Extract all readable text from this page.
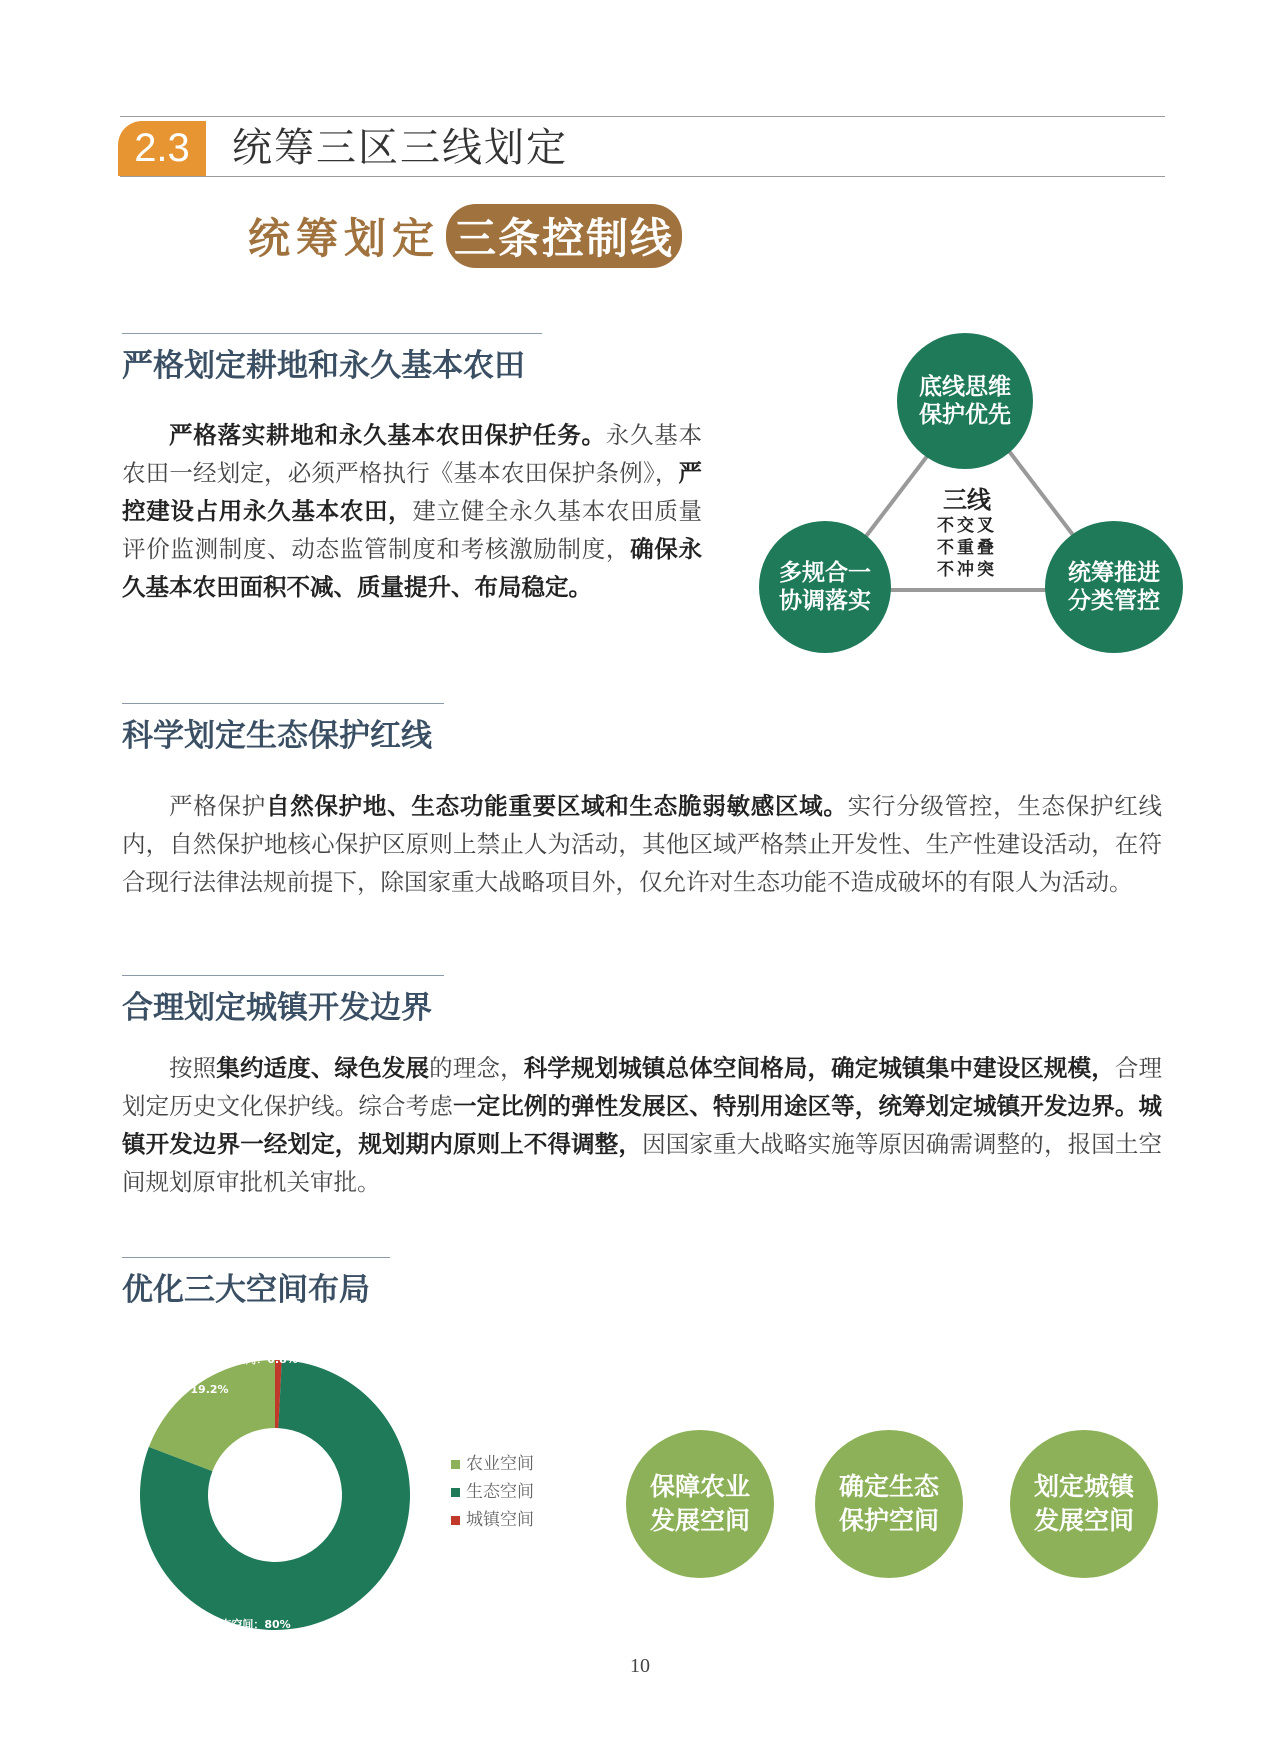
2.3	统筹三区三线划定
统筹划定 三条控制线
严格划定耕地和永久基本农田
严格落实耕地和永久基本农田保护任务。永久基本农田一经划定，必须严格执行《基本农田保护条例》，严控建设占用永久基本农田，建立健全永久基本农田质量评价监测制度、动态监管制度和考核激励制度，确保永久基本农田面积不减、质量提升、布局稳定。
底线思维
保护优先
多规合一
协调落实
统筹推进
分类管控
三线
不交叉
不重叠
不冲突
科学划定生态保护红线
严格保护自然保护地、生态功能重要区域和生态脆弱敏感区域。实行分级管控，生态保护红线内，自然保护地核心保护区原则上禁止人为活动，其他区域严格禁止开发性、生产性建设活动，在符合现行法律法规前提下，除国家重大战略项目外，仅允许对生态功能不造成破坏的有限人为活动。
合理划定城镇开发边界
按照集约适度、绿色发展的理念，科学规划城镇总体空间格局，确定城镇集中建设区规模，合理划定历史文化保护线。综合考虑一定比例的弹性发展区、特别用途区等，统筹划定城镇开发边界。城镇开发边界一经划定，规划期内原则上不得调整，因国家重大战略实施等原因确需调整的，报国土空间规划原审批机关审批。
优化三大空间布局
农业空间：19.2%
生态空间：80%
城镇空间：0.8%
农业空间
生态空间
城镇空间
保障农业
发展空间
确定生态
保护空间
划定城镇
发展空间
10
